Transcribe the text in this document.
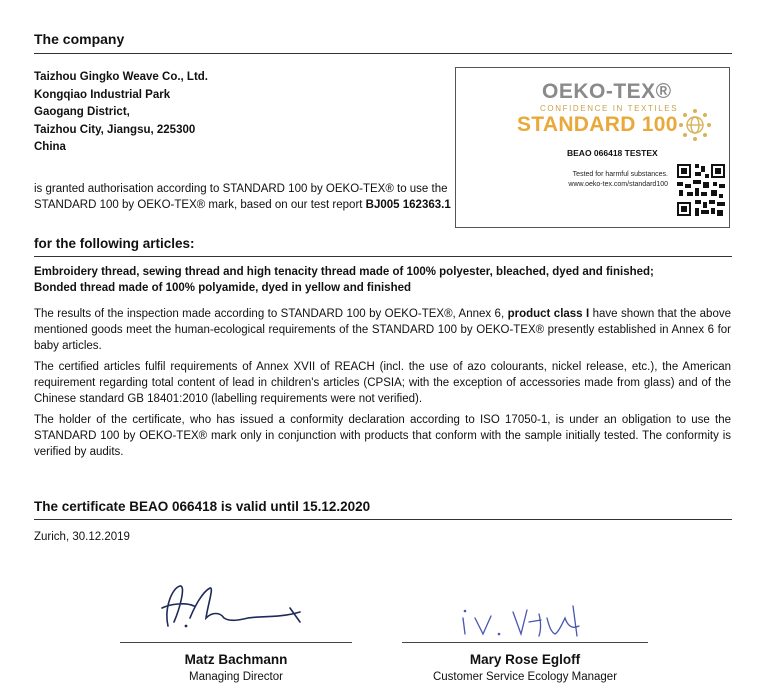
The company
Taizhou Gingko Weave Co., Ltd.
Kongqiao Industrial Park
Gaogang District,
Taizhou City, Jiangsu, 225300
China
is granted authorisation according to STANDARD 100 by OEKO-TEX® to use the STANDARD 100 by OEKO-TEX® mark, based on our test report BJ005 162363.1
OEKO-TEX®
CONFIDENCE IN TEXTILES
STANDARD 100
BEAO 066418 TESTEX
Tested for harmful substances.
www.oeko-tex.com/standard100
for the following articles:
Embroidery thread, sewing thread and high tenacity thread made of 100% polyester, bleached, dyed and finished;
Bonded thread made of 100% polyamide, dyed in yellow and finished
The results of the inspection made according to STANDARD 100 by OEKO-TEX®, Annex 6, product class I have shown that the above mentioned goods meet the human-ecological requirements of the STANDARD 100 by OEKO-TEX® presently established in Annex 6 for baby articles.
The certified articles fulfil requirements of Annex XVII of REACH (incl. the use of azo colourants, nickel release, etc.), the American requirement regarding total content of lead in children's articles (CPSIA; with the exception of accessories made from glass) and of the Chinese standard GB 18401:2010 (labelling requirements were not verified).
The holder of the certificate, who has issued a conformity declaration according to ISO 17050-1, is under an obligation to use the STANDARD 100 by OEKO-TEX® mark only in conjunction with products that conform with the sample initially tested. The conformity is verified by audits.
The certificate BEAO 066418 is valid until 15.12.2020
Zurich, 30.12.2019
Matz Bachmann
Managing Director
Mary Rose Egloff
Customer Service Ecology Manager
